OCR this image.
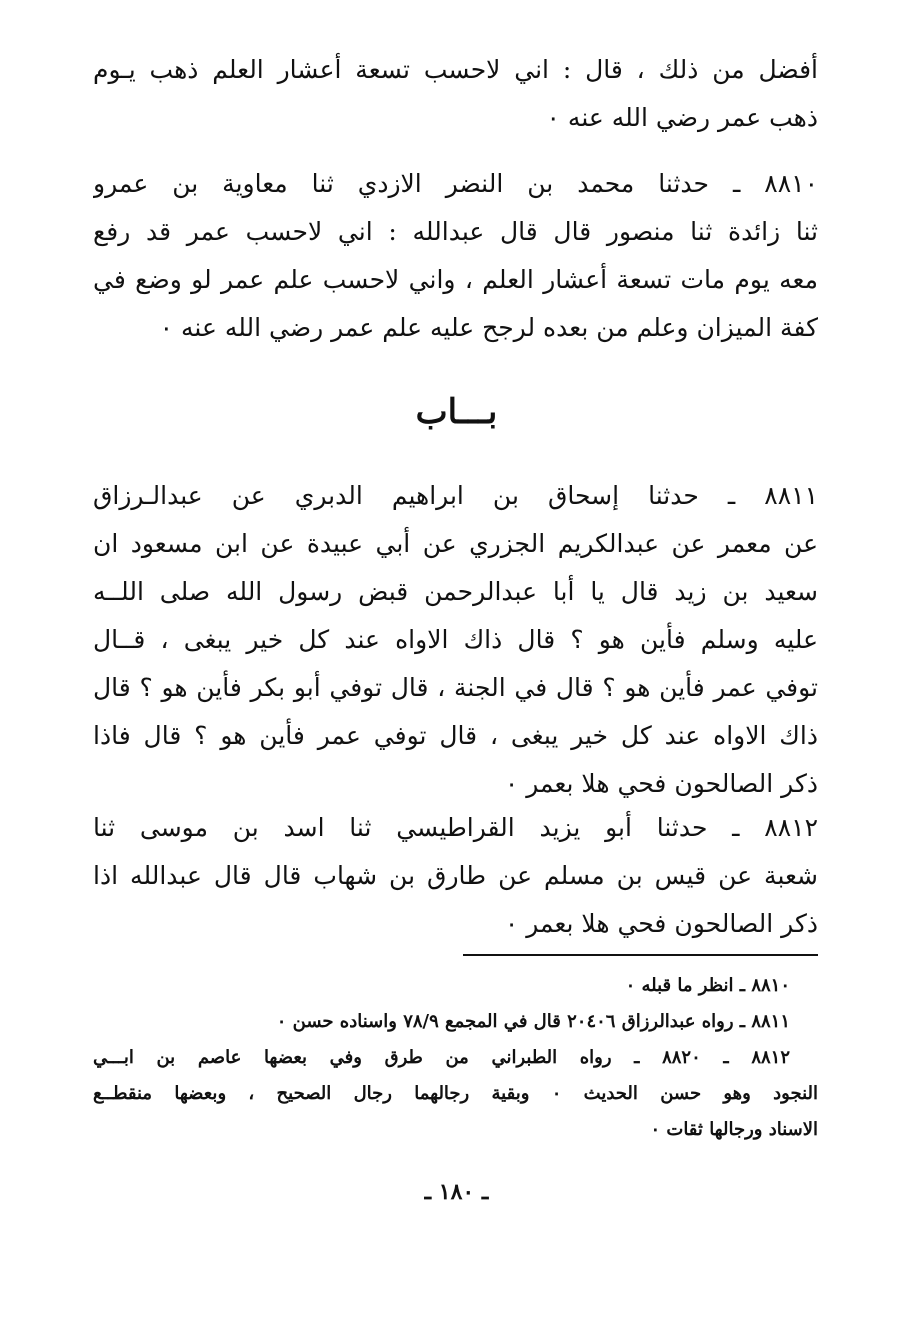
أفضل من ذلك ، قال : اني لاحسب تسعة أعشار العلم ذهب يـوم
ذهب عمر رضي الله عنه ٠
٨٨١٠ ـ حدثنا محمد بن النضر الازدي ثنا معاوية بن عمرو
ثنا زائدة ثنا منصور قال قال عبدالله : اني لاحسب عمر قد رفع
معه يوم مات تسعة أعشار العلم ، واني لاحسب علم عمر لو وضع في
كفة الميزان وعلم من بعده لرجح عليه علم عمر رضي الله عنه ٠
بـــاب
٨٨١١ ـ حدثنا إسحاق بن ابراهيم الدبري عن عبدالـرزاق
عن معمر عن عبدالكريم الجزري عن أبي عبيدة عن ابن مسعود ان
سعيد بن زيد قال يا أبا عبدالرحمن قبض رسول الله صلى اللــه
عليه وسلم فأين هو ؟ قال ذاك الاواه عند كل خير يبغى ، قــال
توفي عمر فأين هو ؟ قال في الجنة ، قال توفي أبو بكر فأين هو ؟ قال
ذاك الاواه عند كل خير يبغى ، قال توفي عمر فأين هو ؟ قال فاذا
ذكر الصالحون فحي هلا بعمر ٠
٨٨١٢ ـ حدثنا أبو يزيد القراطيسي ثنا اسد بن موسى ثنا
شعبة عن قيس بن مسلم عن طارق بن شهاب قال قال عبدالله اذا
ذكر الصالحون فحي هلا بعمر ٠
٨٨١٠ ـ انظر ما قبله ٠
٨٨١١ ـ رواه عبدالرزاق ٢٠٤٠٦ قال في المجمع ٧٨/٩ واسناده حسن ٠
٨٨١٢ ـ ٨٨٢٠ ـ رواه الطبراني من طرق وفي بعضها عاصم بن ابـــي
النجود وهو حسن الحديث ٠ وبقية رجالهما رجال الصحيح ، وبعضها منقطــع
الاسناد ورجالها ثقات ٠
ـ ١٨٠ ـ
